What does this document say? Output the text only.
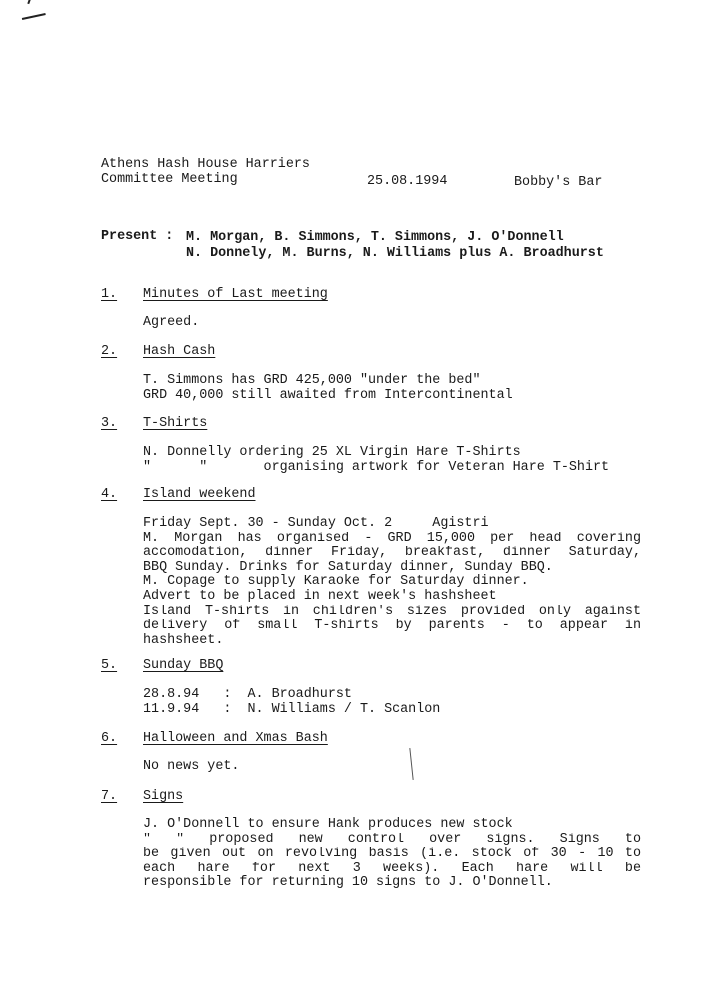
Athens Hash House Harriers
Committee Meeting	25.08.1994	Bobby's Bar
Present : M. Morgan, B. Simmons, T. Simmons, J. O'Donnell
N. Donnely, M. Burns, N. Williams plus A. Broadhurst
1. Minutes of Last meeting
Agreed.
2. Hash Cash
T. Simmons has GRD 425,000 "under the bed"
GRD 40,000 still awaited from Intercontinental
3. T-Shirts
N. Donnelly ordering 25 XL Virgin Hare T-Shirts
"      "       organising artwork for Veteran Hare T-Shirt
4. Island weekend
Friday Sept. 30 - Sunday Oct. 2     Agistri
M. Morgan has organised - GRD 15,000 per head covering
accomodation, dinner Friday, breakfast, dinner Saturday,
BBQ Sunday. Drinks for Saturday dinner, Sunday BBQ.
M. Copage to supply Karaoke for Saturday dinner.
Advert to be placed in next week's hashsheet
Island T-shirts in children's sizes provided only against
delivery of small T-shirts by parents - to appear in
hashsheet.
5. Sunday BBQ
28.8.94   :  A. Broadhurst
11.9.94   :  N. Williams / T. Scanlon
6. Halloween and Xmas Bash
No news yet.
7. Signs
J. O'Donnell to ensure Hank produces new stock
" " proposed new control over signs. Signs to
be given out on revolving basis (i.e. stock of 30 - 10 to
each hare for next 3 weeks). Each hare will be
responsible for returning 10 signs to J. O'Donnell.
